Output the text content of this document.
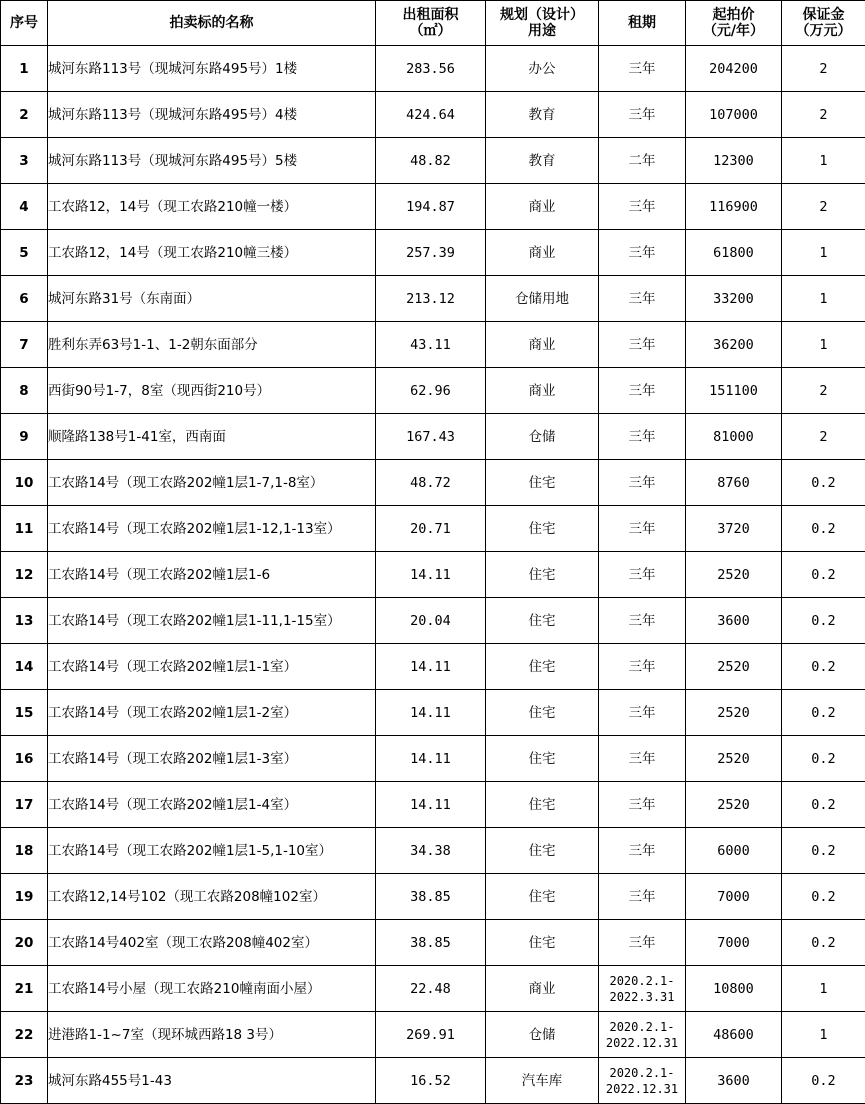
序号	拍卖标的名称	出租面积
（㎡）	规划（设计）
用途	租期	起拍价
（元/年）	保证金
（万元）

1	城河东路113号（现城河东路495号）1楼	283.56	办公	三年	204200	2
2	城河东路113号（现城河东路495号）4楼	424.64	教育	三年	107000	2
3	城河东路113号（现城河东路495号）5楼	48.82	教育	二年	12300	1
4	工农路12，14号（现工农路210幢一楼）	194.87	商业	三年	116900	2
5	工农路12，14号（现工农路210幢三楼）	257.39	商业	三年	61800	1
6	城河东路31号（东南面）	213.12	仓储用地	三年	33200	1
7	胜利东弄63号1-1、1-2朝东面部分	43.11	商业	三年	36200	1
8	西街90号1-7，8室（现西街210号）	62.96	商业	三年	151100	2
9	顺隆路138号1-41室，西南面	167.43	仓储	三年	81000	2
10	工农路14号（现工农路202幢1层1-7,1-8室）	48.72	住宅	三年	8760	0.2
11	工农路14号（现工农路202幢1层1-12,1-13室）	20.71	住宅	三年	3720	0.2
12	工农路14号（现工农路202幢1层1-6	14.11	住宅	三年	2520	0.2
13	工农路14号（现工农路202幢1层1-11,1-15室）	20.04	住宅	三年	3600	0.2
14	工农路14号（现工农路202幢1层1-1室）	14.11	住宅	三年	2520	0.2
15	工农路14号（现工农路202幢1层1-2室）	14.11	住宅	三年	2520	0.2
16	工农路14号（现工农路202幢1层1-3室）	14.11	住宅	三年	2520	0.2
17	工农路14号（现工农路202幢1层1-4室）	14.11	住宅	三年	2520	0.2
18	工农路14号（现工农路202幢1层1-5,1-10室）	34.38	住宅	三年	6000	0.2
19	工农路12,14号102（现工农路208幢102室）	38.85	住宅	三年	7000	0.2
20	工农路14号402室（现工农路208幢402室）	38.85	住宅	三年	7000	0.2
21	工农路14号小屋（现工农路210幢南面小屋）	22.48	商业	2020.2.1-
2022.3.31	10800	1
22	进港路1-1~7室（现环城西路18 3号）	269.91	仓储	2020.2.1-
2022.12.31	48600	1
23	城河东路455号1-43	16.52	汽车库	2020.2.1-
2022.12.31	3600	0.2
